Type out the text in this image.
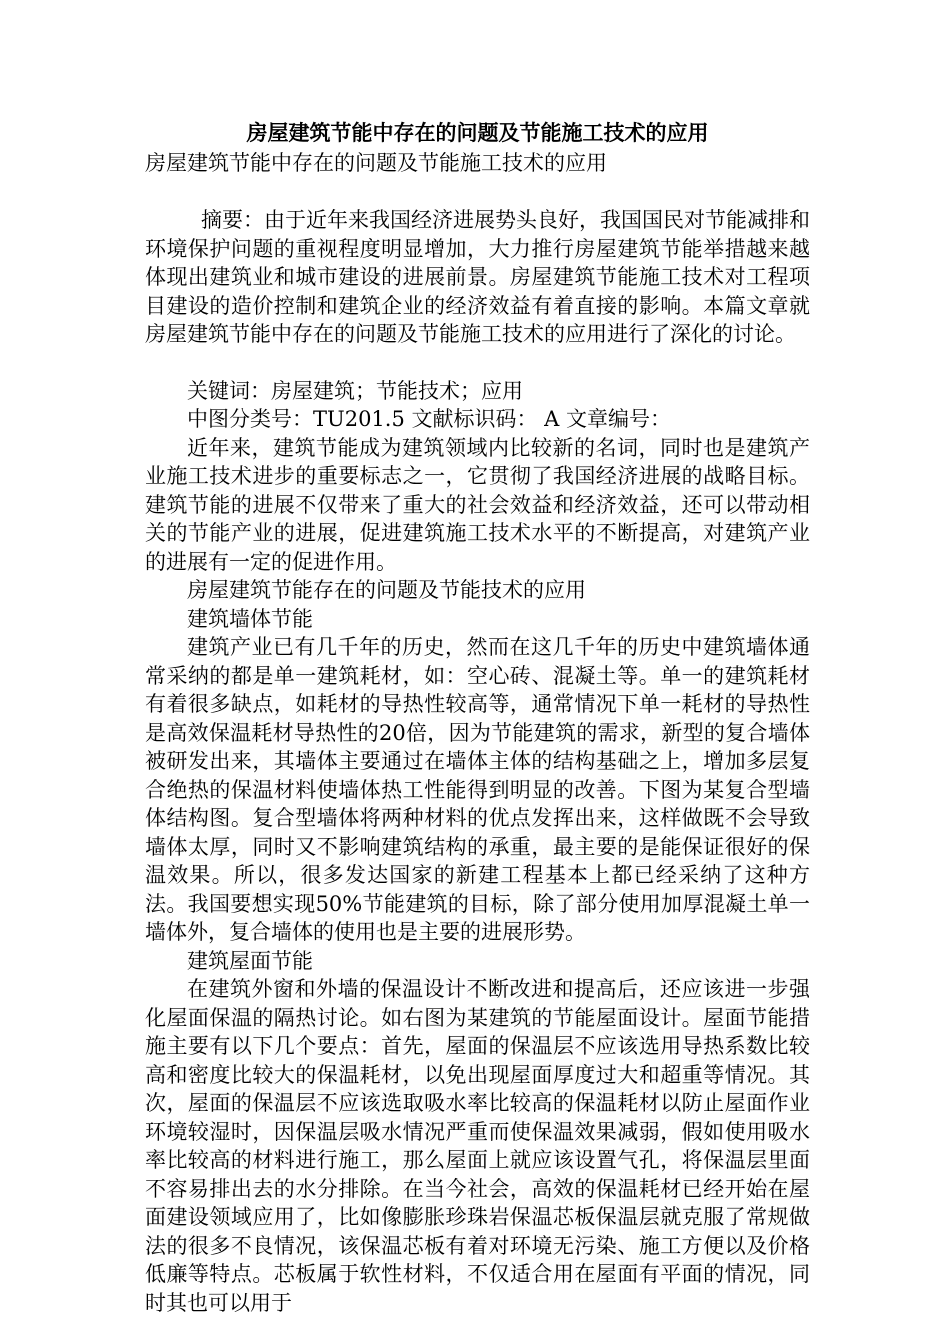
房屋建筑节能中存在的问题及节能施工技术的应用

房屋建筑节能中存在的问题及节能施工技术的应用

摘要：由于近年来我国经济进展势头良好，我国国民对节能减排和环境保护问题的重视程度明显增加，大力推行房屋建筑节能举措越来越体现出建筑业和城市建设的进展前景。房屋建筑节能施工技术对工程项目建设的造价控制和建筑企业的经济效益有着直接的影响。本篇文章就房屋建筑节能中存在的问题及节能施工技术的应用进行了深化的讨论。

关键词：房屋建筑；节能技术；应用

中图分类号：TU201.5 文献标识码： A 文章编号：

近年来，建筑节能成为建筑领域内比较新的名词，同时也是建筑产业施工技术进步的重要标志之一，它贯彻了我国经济进展的战略目标。建筑节能的进展不仅带来了重大的社会效益和经济效益，还可以带动相关的节能产业的进展，促进建筑施工技术水平的不断提高，对建筑产业的进展有一定的促进作用。

房屋建筑节能存在的问题及节能技术的应用

建筑墙体节能

建筑产业已有几千年的历史，然而在这几千年的历史中建筑墙体通常采纳的都是单一建筑耗材，如：空心砖、混凝土等。单一的建筑耗材有着很多缺点，如耗材的导热性较高等，通常情况下单一耗材的导热性是高效保温耗材导热性的20倍，因为节能建筑的需求，新型的复合墙体被研发出来，其墙体主要通过在墙体主体的结构基础之上，增加多层复合绝热的保温材料使墙体热工性能得到明显的改善。下图为某复合型墙体结构图。复合型墙体将两种材料的优点发挥出来，这样做既不会导致墙体太厚，同时又不影响建筑结构的承重，最主要的是能保证很好的保温效果。所以，很多发达国家的新建工程基本上都已经采纳了这种方法。我国要想实现50%节能建筑的目标，除了部分使用加厚混凝土单一墙体外，复合墙体的使用也是主要的进展形势。

建筑屋面节能

在建筑外窗和外墙的保温设计不断改进和提高后，还应该进一步强化屋面保温的隔热讨论。如右图为某建筑的节能屋面设计。屋面节能措施主要有以下几个要点：首先，屋面的保温层不应该选用导热系数比较高和密度比较大的保温耗材，以免出现屋面厚度过大和超重等情况。其次，屋面的保温层不应该选取吸水率比较高的保温耗材以防止屋面作业环境较湿时，因保温层吸水情况严重而使保温效果减弱，假如使用吸水率比较高的材料进行施工，那么屋面上就应该设置气孔，将保温层里面不容易排出去的水分排除。在当今社会，高效的保温耗材已经开始在屋面建设领域应用了，比如像膨胀珍珠岩保温芯板保温层就克服了常规做法的很多不良情况，该保温芯板有着对环境无污染、施工方便以及价格低廉等特点。芯板属于软性材料，不仅适合用在屋面有平面的情况，同时其也可以用于
